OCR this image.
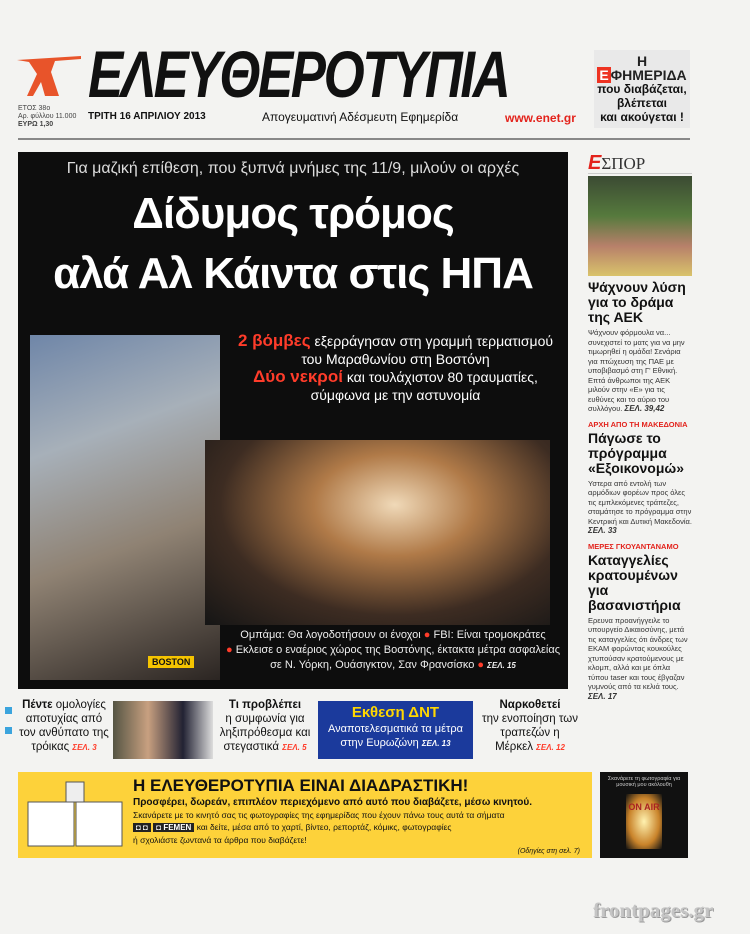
ΕΛΕΥΘΕΡΟΤΥΠΙΑ	Η Ε ΦΗΜΕΡΙΔΑ
που διαβάζεται,
βλέπεται
και ακούγεται !
ΕΤΟΣ 38ο
Αρ. φύλλου 11.000
ΕΥΡΩ 1,30
ΤΡΙΤΗ 16 ΑΠΡΙΛΙΟΥ 2013	Απογευματινή Αδέσμευτη Εφημερίδα	www.enet.gr
Για μαζική επίθεση, που ξυπνά μνήμες της 11/9, μιλούν οι αρχές
Δίδυμος τρόμος
αλά Αλ Κάιντα στις ΗΠΑ
BOSTON
2 βόμβες εξερράγησαν στη γραμμή τερματισμού του Μαραθωνίου στη Βοστόνη
Δύο νεκροί και τουλάχιστον 80 τραυματίες, σύμφωνα με την αστυνομία
Ομπάμα: Θα λογοδοτήσουν οι ένοχοι ● FBI: Είναι τρομοκράτες
● Εκλεισε ο εναέριος χώρος της Βοστόνης, έκτακτα μέτρα ασφαλείας σε Ν. Υόρκη, Ουάσιγκτον, Σαν Φρανσίσκο ● ΣΕΛ. 15
ΕΣΠΟΡ
Ψάχνουν λύση για το δράμα της ΑΕΚ
Ψάχνουν φόρμουλα να... συνεχιστεί το ματς για να μην τιμωρηθεί η ομάδα! Σενάρια για πτώχευση της ΠΑΕ με υποβιβασμό στη Γ' Εθνική. Επτά άνθρωποι της ΑΕΚ μιλούν στην «Ε» για τις ευθύνες και το αύριο του συλλόγου. ΣΕΛ. 39,42
ΑΡΧΗ ΑΠΟ ΤΗ ΜΑΚΕΔΟΝΙΑ
Πάγωσε το πρόγραμμα «Εξοικονομώ»
Υστερα από εντολή των αρμόδιων φορέων προς όλες τις εμπλεκόμενες τράπεζες, σταμάτησε το πρόγραμμα στην Κεντρική και Δυτική Μακεδονία. ΣΕΛ. 33
ΜΕΡΕΣ ΓΚΟΥΑΝΤΑΝΑΜΟ
Καταγγελίες κρατουμένων για βασανιστήρια
Ερευνα προανήγγειλε το υπουργείο Δικαιοσύνης, μετά τις καταγγελίες ότι άνδρες των ΕΚΑΜ φορώντας κουκούλες χτυπούσαν κρατούμενους με κλομπ, αλλά και με όπλα τύπου taser και τους έβγαζαν γυμνούς από τα κελιά τους. ΣΕΛ. 17
Πέντε ομολογίες αποτυχίας από τον ανθύπατο της τρόικας ΣΕΛ. 3
Τι προβλέπει
η συμφωνία για ληξιπρόθεσμα και στεγαστικά ΣΕΛ. 5
Εκθεση ΔΝΤ
Αναποτελεσματικά τα μέτρα στην Ευρωζώνη ΣΕΛ. 13
Ναρκοθετεί
την ενοποίηση των τραπεζών η Μέρκελ ΣΕΛ. 12
Η ΕΛΕΥΘΕΡΟΤΥΠΙΑ ΕΙΝΑΙ ΔΙΑΔΡΑΣΤΙΚΗ!
Προσφέρει, δωρεάν, επιπλέον περιεχόμενο από αυτό που διαβάζετε, μέσω κινητού.
Σκανάρετε με το κινητό σας τις φωτογραφίες της εφημερίδας που έχουν πάνω τους αυτά τα σήματα
◘ ◘ ◘ FEMEN και δείτε, μέσα από το χαρτί, βίντεο, ρεπορτάζ, κόμικς, φωτογραφίες
ή σχολιάστε ζωντανά τα άρθρα που διαβάζετε!
(Οδηγίες στη σελ. 7)
Σκανάρετε τη φωτογραφία για μουσική μου ακόλουθη
ON AIR
frontpages.gr
